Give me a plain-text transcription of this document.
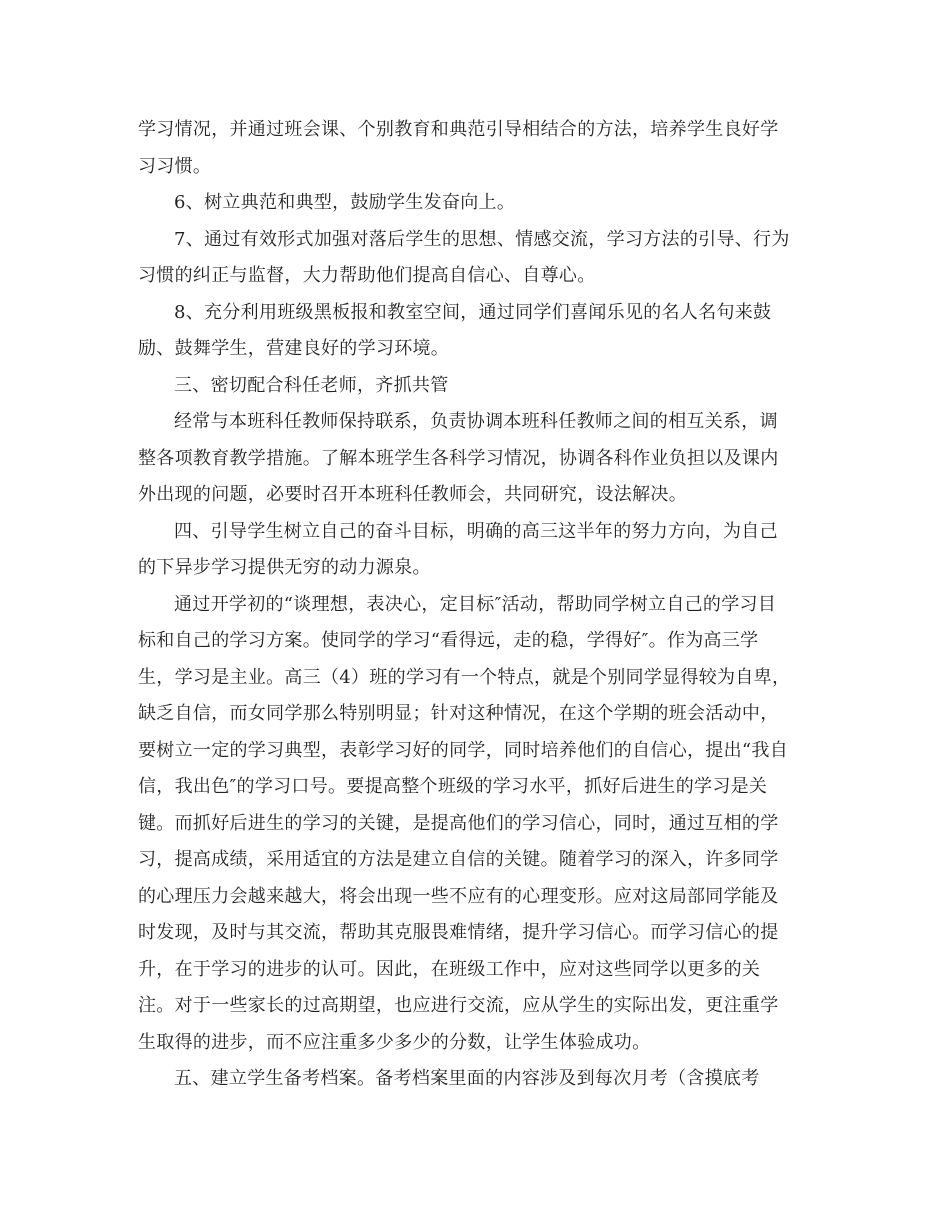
学习情况，并通过班会课、个别教育和典范引导相结合的方法，培养学生良好学
习习惯。
6、树立典范和典型，鼓励学生发奋向上。
7、通过有效形式加强对落后学生的思想、情感交流，学习方法的引导、行为
习惯的纠正与监督，大力帮助他们提高自信心、自尊心。
8、充分利用班级黑板报和教室空间，通过同学们喜闻乐见的名人名句来鼓
励、鼓舞学生，营建良好的学习环境。
三、密切配合科任老师，齐抓共管
经常与本班科任教师保持联系，负责协调本班科任教师之间的相互关系，调
整各项教育教学措施。了解本班学生各科学习情况，协调各科作业负担以及课内
外出现的问题，必要时召开本班科任教师会，共同研究，设法解决。
四、引导学生树立自己的奋斗目标，明确的高三这半年的努力方向，为自己
的下异步学习提供无穷的动力源泉。
通过开学初的“谈理想，表决心，定目标″活动，帮助同学树立自己的学习目
标和自己的学习方案。使同学的学习“看得远，走的稳，学得好″。作为高三学
生，学习是主业。高三（4）班的学习有一个特点，就是个别同学显得较为自卑，
缺乏自信，而女同学那么特别明显；针对这种情况，在这个学期的班会活动中，
要树立一定的学习典型，表彰学习好的同学，同时培养他们的自信心，提出“我自
信，我出色″的学习口号。要提高整个班级的学习水平，抓好后进生的学习是关
键。而抓好后进生的学习的关键，是提高他们的学习信心，同时，通过互相的学
习，提高成绩，采用适宜的方法是建立自信的关键。随着学习的深入，许多同学
的心理压力会越来越大，将会出现一些不应有的心理变形。应对这局部同学能及
时发现，及时与其交流，帮助其克服畏难情绪，提升学习信心。而学习信心的提
升，在于学习的进步的认可。因此，在班级工作中，应对这些同学以更多的关
注。对于一些家长的过高期望，也应进行交流，应从学生的实际出发，更注重学
生取得的进步，而不应注重多少多少的分数，让学生体验成功。
五、建立学生备考档案。备考档案里面的内容涉及到每次月考（含摸底考
